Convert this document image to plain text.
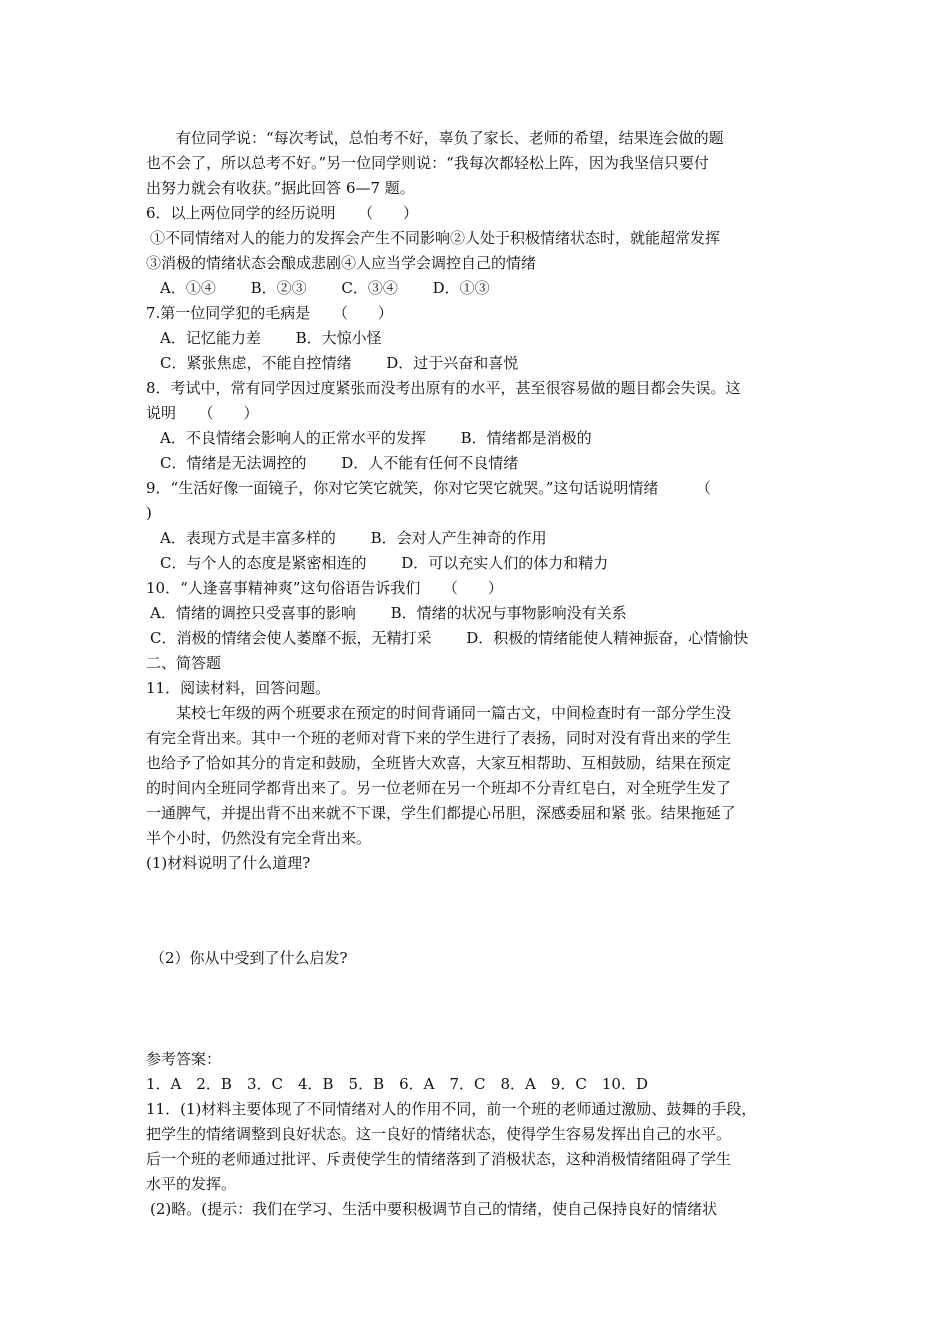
有位同学说：“每次考试，总怕考不好，辜负了家长、老师的希望，结果连会做的题
也不会了，所以总考不好。”另一位同学则说：“我每次都轻松上阵，因为我坚信只要付
出努力就会有收获。”据此回答 6—7 题。
6．以上两位同学的经历说明　　（　　）
①不同情绪对人的能力的发挥会产生不同影响②人处于积极情绪状态时，就能超常发挥
③消极的情绪状态会酿成悲剧④人应当学会调控自己的情绪
A．①④　　 B．②③　　 C．③④　　 D．①③
7.第一位同学犯的毛病是　　（　　）
A．记忆能力差　　 B．大惊小怪
C．紧张焦虑，不能自控情绪　　 D．过于兴奋和喜悦
8．考试中，常有同学因过度紧张而没考出原有的水平，甚至很容易做的题目都会失误。这
说明　　（　　）
A．不良情绪会影响人的正常水平的发挥　　 B．情绪都是消极的
C．情绪是无法调控的　　 D．人不能有任何不良情绪
9．“生活好像一面镜子，你对它笑它就笑，你对它哭它就哭。”这句话说明情绪　　　（
)
A．表现方式是丰富多样的　　 B．会对人产生神奇的作用
C．与个人的态度是紧密相连的　　 D．可以充实人们的体力和精力
10．“人逢喜事精神爽”这句俗语告诉我们　　（　　）
A．情绪的调控只受喜事的影响　　 B．情绪的状况与事物影响没有关系
C．消极的情绪会使人萎靡不振，无精打采　　 D．积极的情绪能使人精神振奋，心情愉快
二、简答题
11．阅读材料，回答问题。
某校七年级的两个班要求在预定的时间背诵同一篇古文，中间检查时有一部分学生没
有完全背出来。其中一个班的老师对背下来的学生进行了表扬，同时对没有背出来的学生
也给予了恰如其分的肯定和鼓励，全班皆大欢喜，大家互相帮助、互相鼓励，结果在预定
的时间内全班同学都背出来了。另一位老师在另一个班却不分青红皂白，对全班学生发了
一通脾气，并提出背不出来就不下课，学生们都提心吊胆，深感委屈和紧 张。结果拖延了
半个小时，仍然没有完全背出来。
(1)材料说明了什么道理?
（2）你从中受到了什么启发?
参考答案：
1．A　2．B　3．C　4．B　5．B　6．A　7．C　8．A　9．C　10．D
11．(1)材料主要体现了不同情绪对人的作用不同，前一个班的老师通过激励、鼓舞的手段，
把学生的情绪调整到良好状态。这一良好的情绪状态，使得学生容易发挥出自己的水平。
后一个班的老师通过批评、斥责使学生的情绪落到了消极状态，这种消极情绪阻碍了学生
水平的发挥。
(2)略。(提示：我们在学习、生活中要积极调节自己的情绪，使自己保持良好的情绪状
